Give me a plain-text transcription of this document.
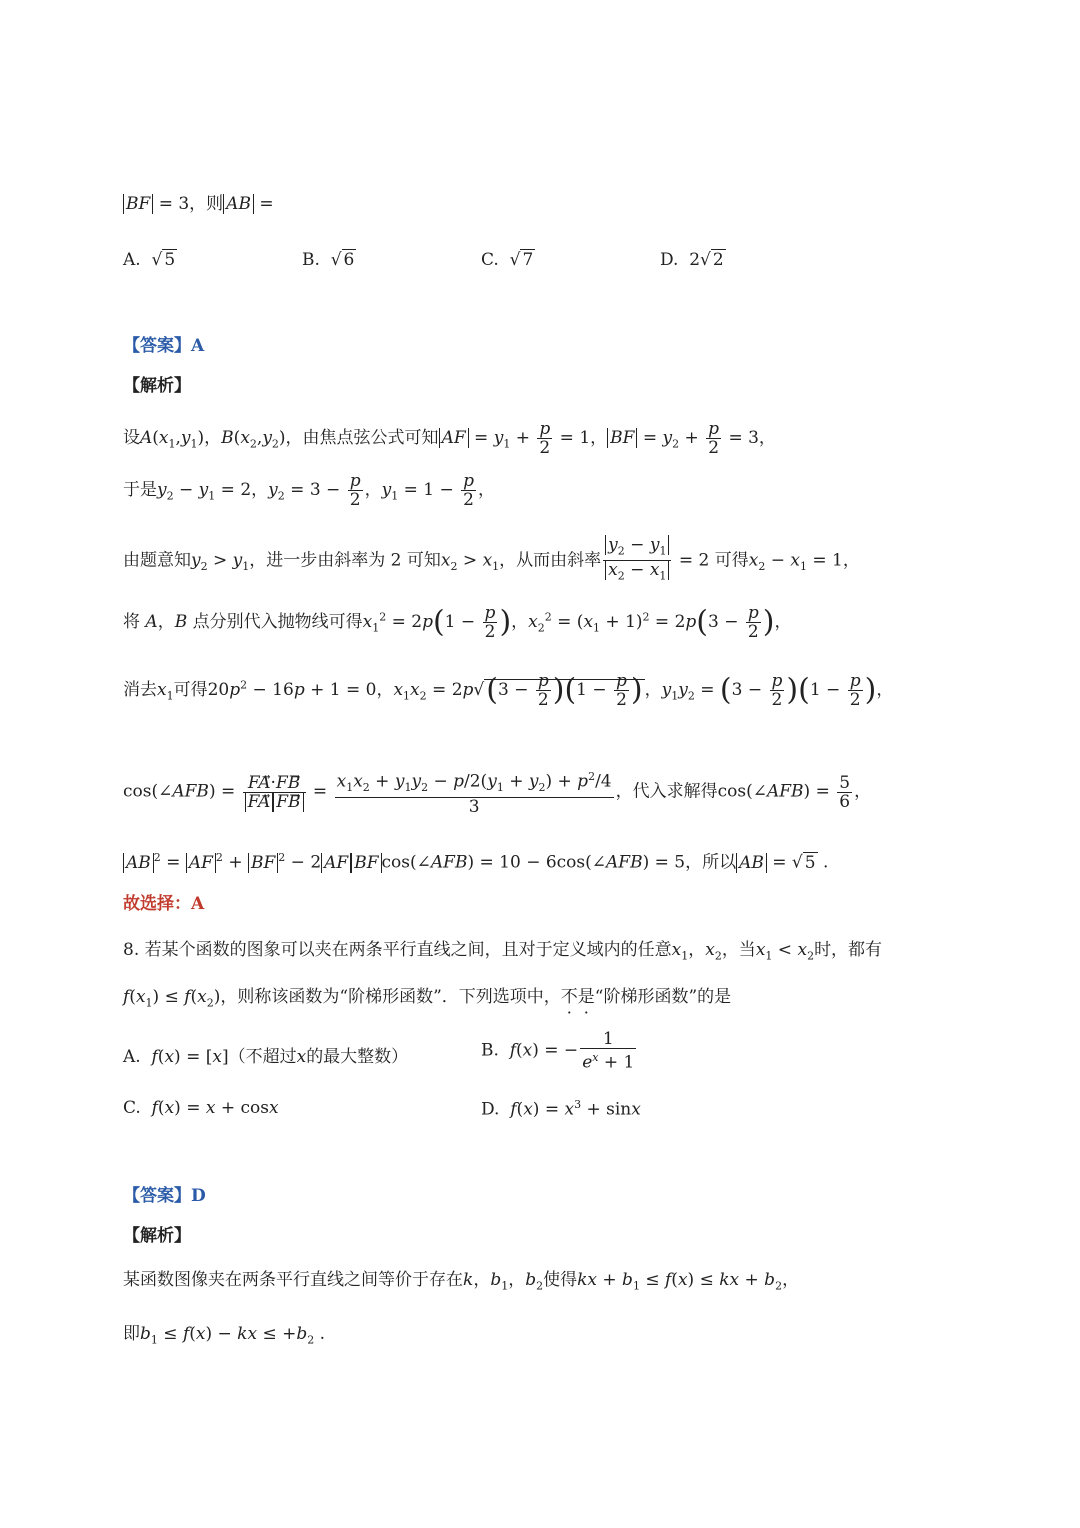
BF = 3，则 AB =
A.  √ 5	B.  √ 6	C.  √ 7	D.  2√ 2
【答案】A
【解析】
设$A(x_1,y_1)$，$B(x_2,y_2)$，由焦点弦公式可知 AF = $y_1 + \frac{p}{2} = 1$， BF = $y_2 + \frac{p}{2} = 3$，
于是$y_2 - y_1 = 2$，$y_2 = 3 - \frac{p}{2}$ ，$y_1 = 1 - \frac{p}{2}$ ，
由题意知$y_2 > y_1$，进一步由斜率为 2 可知$x_2 > x_1$，从而由斜率 $\frac{y_2 - y_1}{x_2 - x_1} = 2$ 可得$x_2 - x_1 = 1$，
将 A，B 点分别代入抛物线可得$x_1^2 = 2p(1 - \frac{p}{2}$ )，$x_2^2 = (x_1 + 1)^2 = 2p(3 - \frac{p}{2}$ )，
消去$x_1$可得$20p^2 - 16p + 1 = 0$，$x_1x_2 = 2p√(3 - \frac{p}{2} )(1 - \frac{p}{2}$ ) ，$y_1y_2 = (3 - \frac{p}{2} )(1 - \frac{p}{2}$ )，
cos(∠AFB) = $\frac{FA⃗\cdot FB}{\text{FA FB}} = \frac{x_1x_2 + y_1y_2 - p/2(y_1 + y_2) + p^2/4}{3}$ ，代入求解得cos(∠AFB) = $\frac{5}{6}$ ，
AB $^2$ = AF $^2$ + BF $^2$ − 2 AF BF cos(∠AFB) = 10 − 6cos(∠AFB) = 5，所以 AB = √ 5 .
故选择：A
8. 若某个函数的图象可以夹在两条平行直线之间，且对于定义域内的任意$x_1$，$x_2$，当$x_1 < x_2$时，都有
$f(x_1) \le f(x_2)$，则称该函数为“阶梯形函数”．下列选项中，不是“阶梯形函数”的是
A.  f(x) = [x]（不超过x的最大整数）	B.  f(x) = − $\frac{1}{e^x + 1}$
C.  f(x) = x + cosx	D.  $f(x) = x^3 + \sin x$
【答案】D
【解析】
某函数图像夹在两条平行直线之间等价于存在k，$b_1$，$b_2$使得kx + $b_1 \le f(x)$ ≤ kx + $b_2$，
即$b_1 \le f(x)$ − kx ≤ $+b_2$ .
